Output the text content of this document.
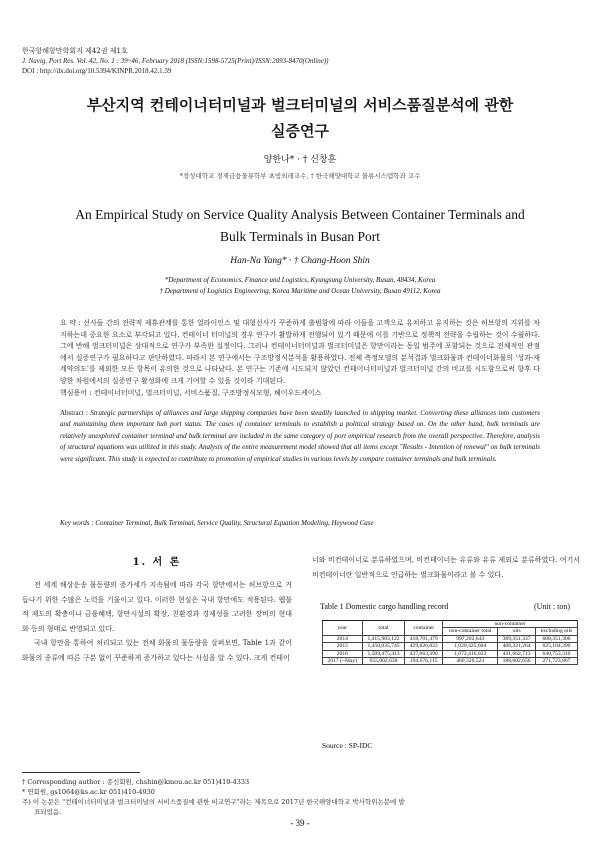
한국항해항만학회지 제42권 제1호
J. Navig. Port Res. Vol. 42, No. 1 : 39~46, February 2018 (ISSN:1598-5725(Print)/ISSN:2093-8470(Online))
DOI : http://dx.doi.org/10.5394/KINPR.2018.42.1.39
부산지역 컨테이너터미널과 벌크터미널의 서비스품질분석에 관한
실증연구
양한나* · † 신창훈
*경성대학교 경제금융물류학부 초빙외래교수, † 한국해양대학교 물류시스템학과 교수
An Empirical Study on Service Quality Analysis Between Container Terminals and
Bulk Terminals in Busan Port
Han-Na Yang* · † Chang-Hoon Shin
*Department of Economics, Finance and Logistics, Kyungsung University, Busan, 48434, Korea
† Department of Logistics Engineering, Korea Maritime and Ocean University, Busan 49112, Korea
요 약 : 선사들 간의 전략적 제휴관계를 통한 얼라이언스 및 대형선사가 꾸준하게 출범함에 따라 이들을 고객으로 유치하고 유지하는 것은 허브항의 지위를 차지하는데 중요한 요소로 부각되고 있다. 컨테이너 터미널의 경우 연구가 활발하게 진행되어 있기 때문에 이를 기반으로 정책적 전략을 수립하는 것이 수월하다. 그에 반해 벌크터미널은 상대적으로 연구가 부족한 실정이다. 그러나 컨테이너터미널과 벌크터미널은 항만이라는 동일 범주에 포함되는 것으로 전체적인 관점에서 실증연구가 필요하다고 판단하였다. 따라서 본 연구에서는 구조방정식분석을 활용하였다. 전체 측정모델의 분석결과 벌크화물과 컨테이너화물의 '성과-재계약의도'를 제외한 모든 항목이 유의한 것으로 나타났다. 본 연구는 기존에 시도되지 않았던 컨테이너터미널과 벌크터미널 간의 비교를 시도함으로써 향후 다양한 차원에서의 실증연구 활성화에 크게 기여할 수 있을 것이라 기대된다.
핵심용어 : 컨테이너터미널, 벌크터미널, 서비스품질, 구조방정식모형, 헤이우드케이스
Abstract : Strategic partnerships of alliances and large shipping companies have been steadily launched in shipping market. Converting these alliances into customers and maintaining them important hub port status. The cases of container terminals to establish a political strategy based on. On the other hand, bulk terminals are relatively unexplored container terminal and bulk terminal are included in the same category of port empirical research from the overall perspective. Therefore, analysis of structural equations was utilized in this study. Analysis of the entire measurement model showed that all items except "Results - Intention of renewal" on bulk terminals were significant. This study is expected to contribute to promotion of empirical studies in various levels by compare container terminals and bulk terminals.
Key words : Container Terminal, Bulk Terminal, Service Quality, Structural Equation Modeling, Heywood Case
1. 서 론

전 세계 해상운송 물동량의 증가세가 지속됨에 따라 각국 항만에서는 허브항으로 거듭나기 위한 수많은 노력을 기울이고 있다. 이러한 현실은 국내 항만에도 적용된다. 웹불적 제도의 확충이나 금융혜택, 항만시설의 확장, 친환경과 경제성을 고려한 장비의 현대화 등의 형태로 반영되고 있다.

국내 항만을 통하여 처리되고 있는 전체 화물의 물동량을 살펴보면, Table 1과 같이 화물의 종류에 따른 구분 없이 꾸준하게 증가하고 있다는 사실을 알 수 있다. 크게 컨테이

너와 비컨테이너로 분류하였으며, 비컨테이너는 유류와 유류 제외로 분류하였다. 여기서 비컨테이너란 일반적으로 언급하는 벌크화물이라고 볼 수 있다.

Table 1 Domestic cargo handling record	(Unit : ton)
year	total	container	non-container		
			non-container total	oils	excluding oils

2014	1,415,903,122	418,701,479	997,202,643	389,351,337	608,351,306
2015	1,450,035,745	429,826,023	1,020,425,604	408,321,264	625,104,390
2016	1,509,475,413	437,063,390	1,072,416,023	431,662,713	640,753,310
2017 (~May)	655,002,638	194,676,115	460,326,523	188,602,656	271,723,867
Source : SP-IDC
† Corresponding author : 종신회원, chshin@kmou.ac.kr 051)410-4333
* 연회원, gs1064@ks.ac.kr 051)410-4930
주) 이 논문은 "컨테이너터미널과 벌크터미널의 서비스품질에 관한 비교연구"라는 제목으로 2017년 한국해양대학교 박사학위논문에 발
표되었음.
- 39 -
